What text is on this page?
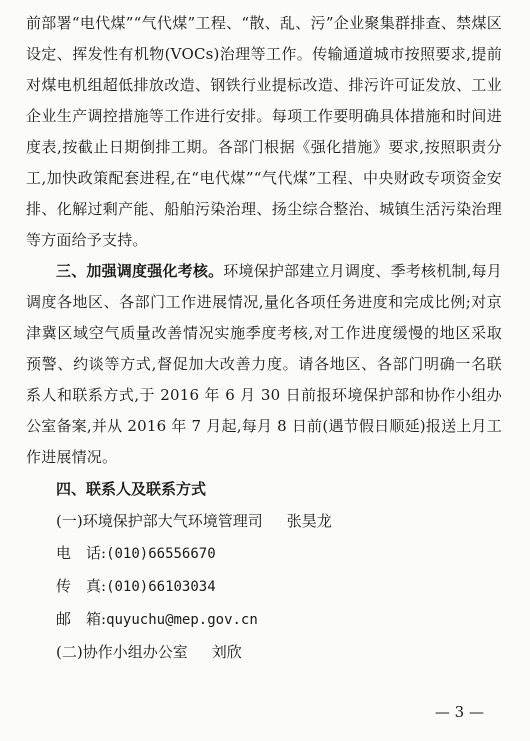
前部署“电代煤”“气代煤”工程、“散、乱、污”企业聚集群排查、禁煤区设定、挥发性有机物(VOCs)治理等工作。传输通道城市按照要求,提前对煤电机组超低排放改造、钢铁行业提标改造、排污许可证发放、工业企业生产调控措施等工作进行安排。每项工作要明确具体措施和时间进度表,按截止日期倒排工期。各部门根据《强化措施》要求,按照职责分工,加快政策配套进程,在“电代煤”“气代煤”工程、中央财政专项资金安排、化解过剩产能、船舶污染治理、扬尘综合整治、城镇生活污染治理等方面给予支持。

三、加强调度强化考核。环境保护部建立月调度、季考核机制,每月调度各地区、各部门工作进展情况,量化各项任务进度和完成比例;对京津冀区域空气质量改善情况实施季度考核,对工作进度缓慢的地区采取预警、约谈等方式,督促加大改善力度。请各地区、各部门明确一名联系人和联系方式,于 2016 年 6 月 30 日前报环境保护部和协作小组办公室备案,并从 2016 年 7 月起,每月 8 日前(遇节假日顺延)报送上月工作进展情况。

四、联系人及联系方式

(一)环境保护部大气环境管理司 张昊龙

电　话:(010)66556670

传　真:(010)66103034

邮　箱:quyuchu@mep.gov.cn

(二)协作小组办公室 刘欣

— 3 —
